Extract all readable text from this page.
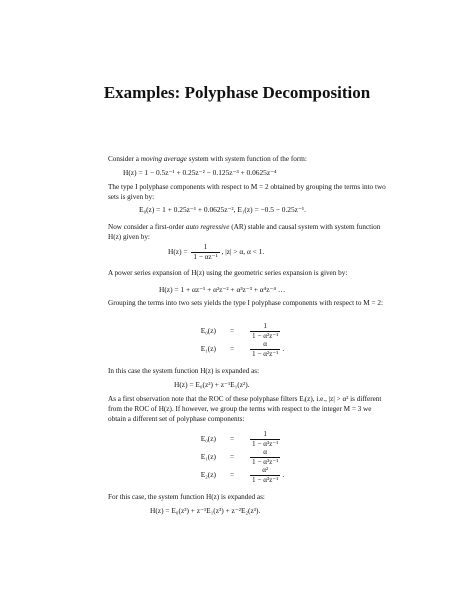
Examples: Polyphase Decomposition
Consider a moving average system with system function of the form:
H(z) = 1 − 0.5z⁻¹ + 0.25z⁻² − 0.125z⁻³ + 0.0625z⁻⁴
The type I polyphase components with respect to M = 2 obtained by grouping the terms into two sets is given by:
E₀(z) = 1 + 0.25z⁻¹ + 0.0625z⁻², E₁(z) = −0.5 − 0.25z⁻¹.
Now consider a first-order auto regressive (AR) stable and causal system with system function H(z) given by:
$H(z) = \frac{1}{\text{1 − αz⁻¹}}$ , |z| > α, α < 1.
A power series expansion of H(z) using the geometric series expansion is given by:
H(z) = 1 + αz⁻¹ + α²z⁻² + α³z⁻³ + α⁴z⁻⁴ …
Grouping the terms into two sets yields the type I polyphase components with respect to M = 2:
$E_0(z) = \frac{1}{\text{1 − α²z⁻¹}}$
$E_1(z) = \frac{\alpha}{\text{1 − α²z⁻¹}}$ .
In this case the system function H(z) is expanded as:
H(z) = E₀(z²) + z⁻¹E₁(z²).
As a first observation note that the ROC of these polyphase filters Eᵢ(z), i.e., |z| > α² is different from the ROC of H(z). If however, we group the terms with respect to the integer M = 3 we obtain a different set of polyphase components:
$E_0(z) = \frac{1}{\text{1 − α³z⁻¹}}$
$E_1(z) = \frac{\alpha}{\text{1 − α³z⁻¹}}$
$E_2(z) = \frac{\text{α²}}{\text{1 − α³z⁻¹}}$ .
For this case, the system function H(z) is expanded as:
H(z) = E₀(z³) + z⁻¹E₁(z³) + z⁻²E₂(z³).
